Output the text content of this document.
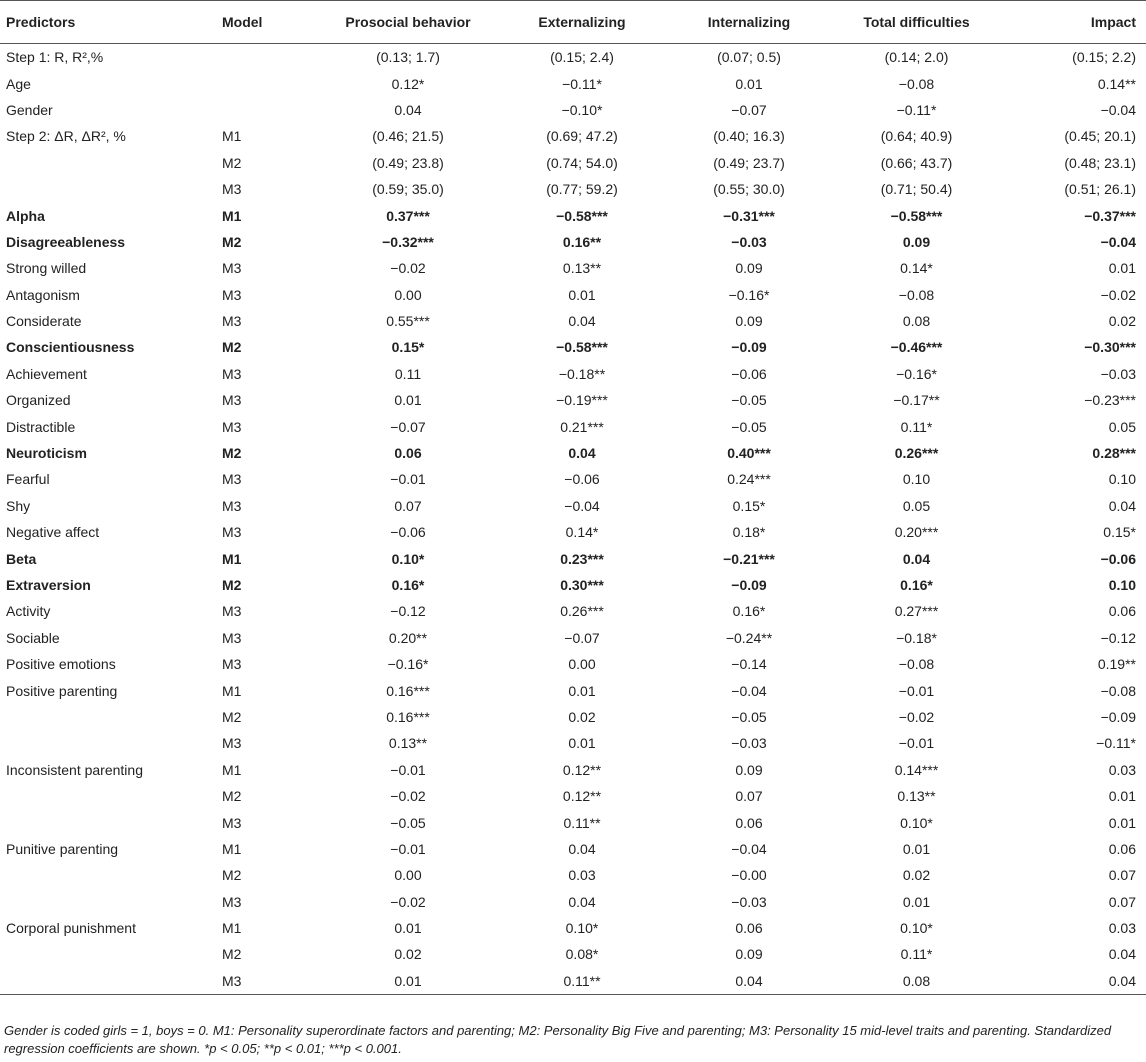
Predictors	Model	Prosocial behavior	Externalizing	Internalizing	Total difficulties	Impact
Step 1: R, R²,%		(0.13; 1.7)	(0.15; 2.4)	(0.07; 0.5)	(0.14; 2.0)	(0.15; 2.2)
Age		0.12*	−0.11*	0.01	−0.08	0.14**
Gender		0.04	−0.10*	−0.07	−0.11*	−0.04
Step 2: ΔR, ΔR², %	M1	(0.46; 21.5)	(0.69; 47.2)	(0.40; 16.3)	(0.64; 40.9)	(0.45; 20.1)
	M2	(0.49; 23.8)	(0.74; 54.0)	(0.49; 23.7)	(0.66; 43.7)	(0.48; 23.1)
	M3	(0.59; 35.0)	(0.77; 59.2)	(0.55; 30.0)	(0.71; 50.4)	(0.51; 26.1)
Alpha	M1	0.37***	−0.58***	−0.31***	−0.58***	−0.37***
Disagreeableness	M2	−0.32***	0.16**	−0.03	0.09	−0.04
Strong willed	M3	−0.02	0.13**	0.09	0.14*	0.01
Antagonism	M3	0.00	0.01	−0.16*	−0.08	−0.02
Considerate	M3	0.55***	0.04	0.09	0.08	0.02
Conscientiousness	M2	0.15*	−0.58***	−0.09	−0.46***	−0.30***
Achievement	M3	0.11	−0.18**	−0.06	−0.16*	−0.03
Organized	M3	0.01	−0.19***	−0.05	−0.17**	−0.23***
Distractible	M3	−0.07	0.21***	−0.05	0.11*	0.05
Neuroticism	M2	0.06	0.04	0.40***	0.26***	0.28***
Fearful	M3	−0.01	−0.06	0.24***	0.10	0.10
Shy	M3	0.07	−0.04	0.15*	0.05	0.04
Negative affect	M3	−0.06	0.14*	0.18*	0.20***	0.15*
Beta	M1	0.10*	0.23***	−0.21***	0.04	−0.06
Extraversion	M2	0.16*	0.30***	−0.09	0.16*	0.10
Activity	M3	−0.12	0.26***	0.16*	0.27***	0.06
Sociable	M3	0.20**	−0.07	−0.24**	−0.18*	−0.12
Positive emotions	M3	−0.16*	0.00	−0.14	−0.08	0.19**
Positive parenting	M1	0.16***	0.01	−0.04	−0.01	−0.08
	M2	0.16***	0.02	−0.05	−0.02	−0.09
	M3	0.13**	0.01	−0.03	−0.01	−0.11*
Inconsistent parenting	M1	−0.01	0.12**	0.09	0.14***	0.03
	M2	−0.02	0.12**	0.07	0.13**	0.01
	M3	−0.05	0.11**	0.06	0.10*	0.01
Punitive parenting	M1	−0.01	0.04	−0.04	0.01	0.06
	M2	0.00	0.03	−0.00	0.02	0.07
	M3	−0.02	0.04	−0.03	0.01	0.07
Corporal punishment	M1	0.01	0.10*	0.06	0.10*	0.03
	M2	0.02	0.08*	0.09	0.11*	0.04
	M3	0.01	0.11**	0.04	0.08	0.04
Gender is coded girls = 1, boys = 0. M1: Personality superordinate factors and parenting; M2: Personality Big Five and parenting; M3: Personality 15 mid-level traits and parenting. Standardized regression coefficients are shown. *p < 0.05; **p < 0.01; ***p < 0.001.
